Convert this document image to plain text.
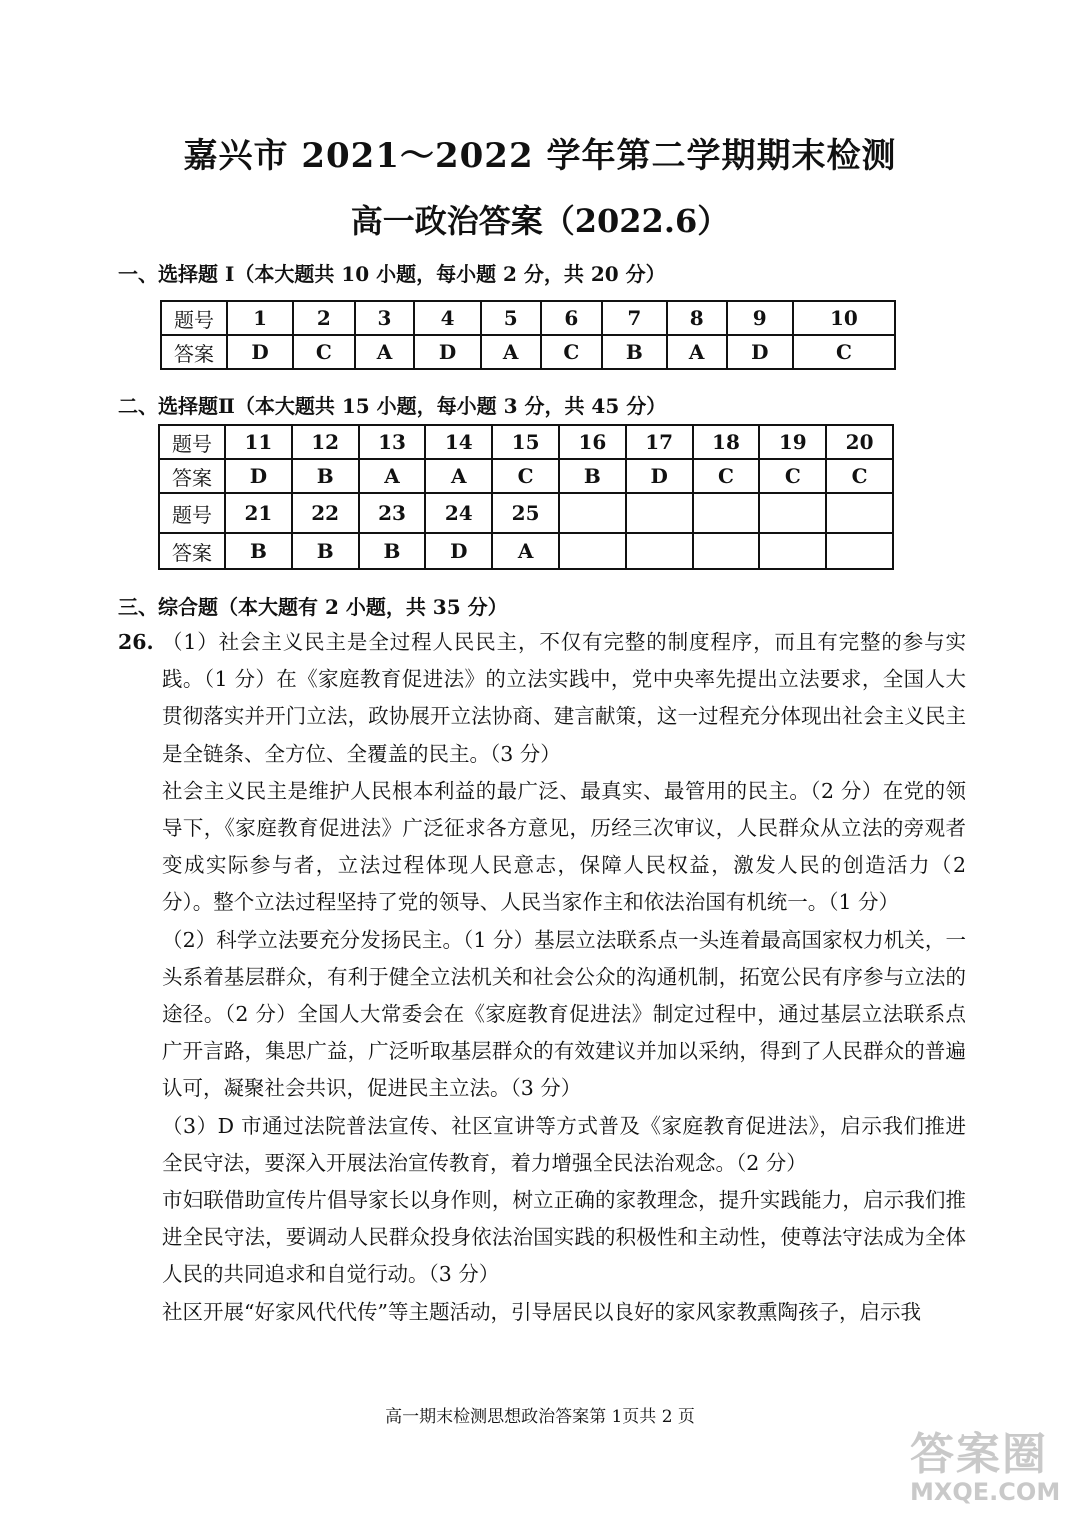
嘉兴市 2021～2022 学年第二学期期末检测
高一政治答案（2022.6）
一、选择题 I（本大题共 10 小题，每小题 2 分，共 20 分）
题号	1	2	3	4	5	6	7	8	9	10
答案	D	C	A	D	A	C	B	A	D	C
二、选择题Ⅱ（本大题共 15 小题，每小题 3 分，共 45 分）
题号	11	12	13	14	15	16	17	18	19	20
答案	D	B	A	A	C	B	D	C	C	C
题号	21	22	23	24	25					
答案	B	B	B	D	A					
三、综合题（本大题有 2 小题，共 35 分）
26. （1）社会主义民主是全过程人民民主，不仅有完整的制度程序，而且有完整的参与实践。（1 分）在《家庭教育促进法》的立法实践中，党中央率先提出立法要求，全国人大贯彻落实并开门立法，政协展开立法协商、建言献策，这一过程充分体现出社会主义民主是全链条、全方位、全覆盖的民主。（3 分）

社会主义民主是维护人民根本利益的最广泛、最真实、最管用的民主。（2 分）在党的领导下，《家庭教育促进法》广泛征求各方意见，历经三次审议，人民群众从立法的旁观者变成实际参与者，立法过程体现人民意志，保障人民权益，激发人民的创造活力（2 分）。整个立法过程坚持了党的领导、人民当家作主和依法治国有机统一。（1 分）

（2）科学立法要充分发扬民主。（1 分）基层立法联系点一头连着最高国家权力机关，一头系着基层群众，有利于健全立法机关和社会公众的沟通机制，拓宽公民有序参与立法的途径。（2 分）全国人大常委会在《家庭教育促进法》制定过程中，通过基层立法联系点广开言路，集思广益，广泛听取基层群众的有效建议并加以采纳，得到了人民群众的普遍认可，凝聚社会共识，促进民主立法。（3 分）

（3）D 市通过法院普法宣传、社区宣讲等方式普及《家庭教育促进法》，启示我们推进全民守法，要深入开展法治宣传教育，着力增强全民法治观念。（2 分）

市妇联借助宣传片倡导家长以身作则，树立正确的家教理念，提升实践能力，启示我们推进全民守法，要调动人民群众投身依法治国实践的积极性和主动性，使尊法守法成为全体人民的共同追求和自觉行动。（3 分）

社区开展“好家风代代传”等主题活动，引导居民以良好的家风家教熏陶孩子，启示我

高一期末检测思想政治答案第 1页共 2 页
答案圈
MXQE.COM
